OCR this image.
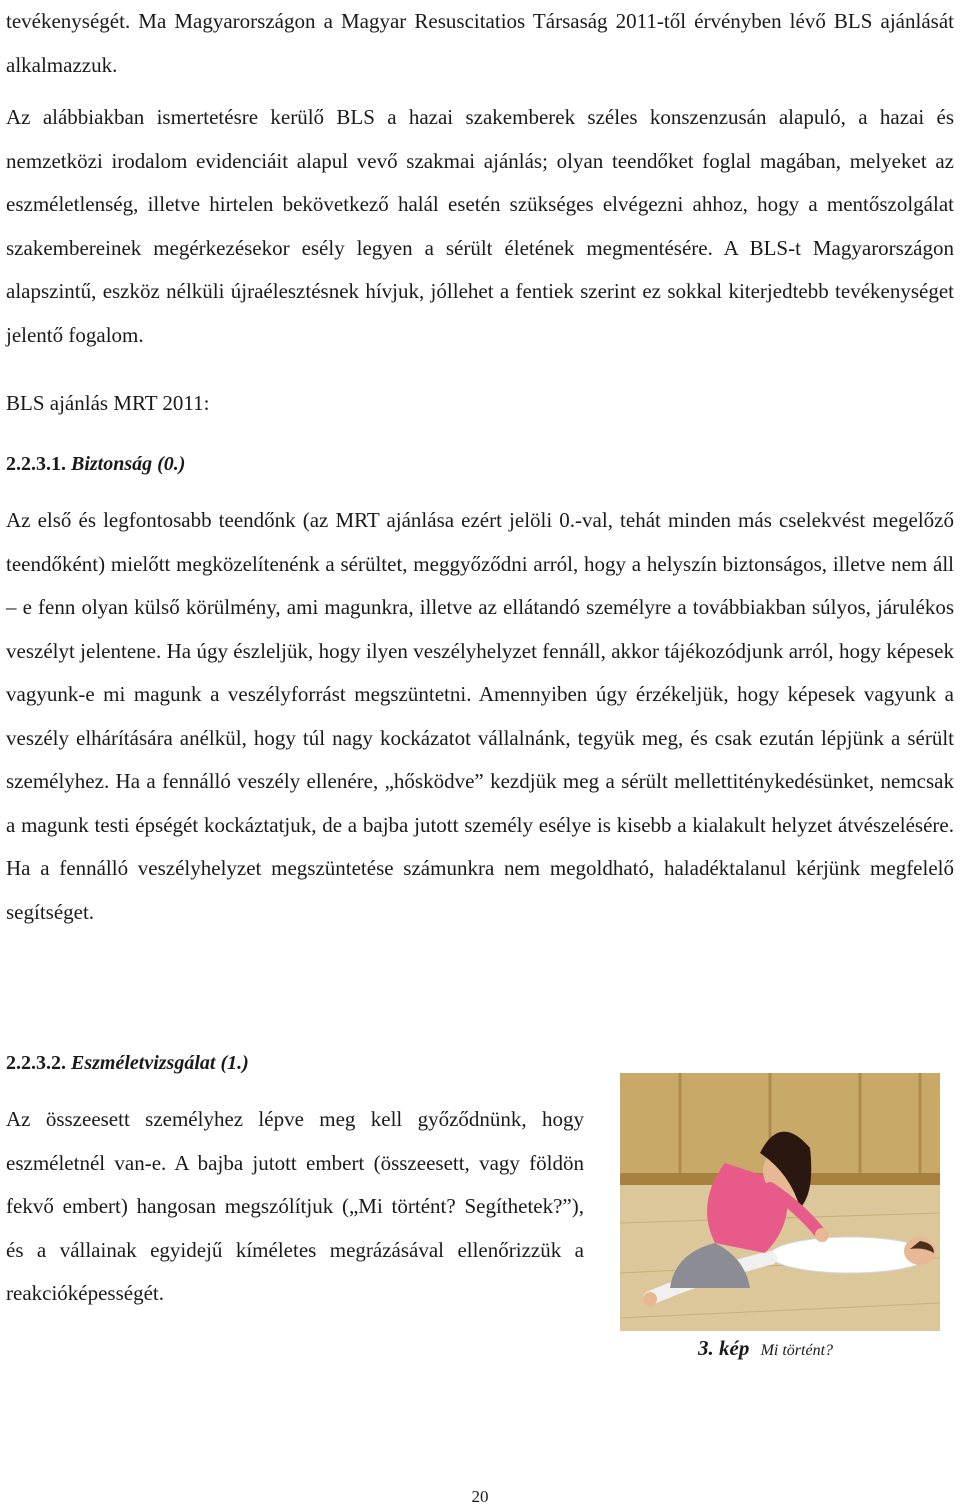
tevékenységét. Ma Magyarországon a Magyar Resuscitatios Társaság 2011-től érvényben lévő BLS ajánlását alkalmazzuk.

Az alábbiakban ismertetésre kerülő BLS a hazai szakemberek széles konszenzusán alapuló, a hazai és nemzetközi irodalom evidenciáit alapul vevő szakmai ajánlás; olyan teendőket foglal magában, melyeket az eszméletlenség, illetve hirtelen bekövetkező halál esetén szükséges elvégezni ahhoz, hogy a mentőszolgálat szakembereinek megérkezésekor esély legyen a sérült életének megmentésére. A BLS-t Magyarországon alapszintű, eszköz nélküli újraélesztésnek hívjuk, jóllehet a fentiek szerint ez sokkal kiterjedtebb tevékenységet jelentő fogalom.

BLS ajánlás MRT 2011:

2.2.3.1. Biztonság (0.)

Az első és legfontosabb teendőnk (az MRT ajánlása ezért jelöli 0.-val, tehát minden más cselekvést megelőző teendőként) mielőtt megközelítenénk a sérültet, meggyőződni arról, hogy a helyszín biztonságos, illetve nem áll – e fenn olyan külső körülmény, ami magunkra, illetve az ellátandó személyre a továbbiakban súlyos, járulékos veszélyt jelentene. Ha úgy észleljük, hogy ilyen veszélyhelyzet fennáll, akkor tájékozódjunk arról, hogy képesek vagyunk-e mi magunk a veszélyforrást megszüntetni. Amennyiben úgy érzékeljük, hogy képesek vagyunk a veszély elhárítására anélkül, hogy túl nagy kockázatot vállalnánk, tegyük meg, és csak ezután lépjünk a sérült személyhez. Ha a fennálló veszély ellenére, „hősködve” kezdjük meg a sérült mellettiténykedésünket, nemcsak a magunk testi épségét kockáztatjuk, de a bajba jutott személy esélye is kisebb a kialakult helyzet átvészelésére. Ha a fennálló veszélyhelyzet megszüntetése számunkra nem megoldható, haladéktalanul kérjünk megfelelő segítséget.

2.2.3.2. Eszméletvizsgálat (1.)

Az összeesett személyhez lépve meg kell győződnünk, hogy eszméletnél van-e. A bajba jutott embert (összeesett, vagy földön fekvő embert) hangosan megszólítjuk („Mi történt? Segíthetek?”), és a vállainak egyidejű kíméletes megrázásával ellenőrizzük a reakcióképességét.

3. kép Mi történt?

20
